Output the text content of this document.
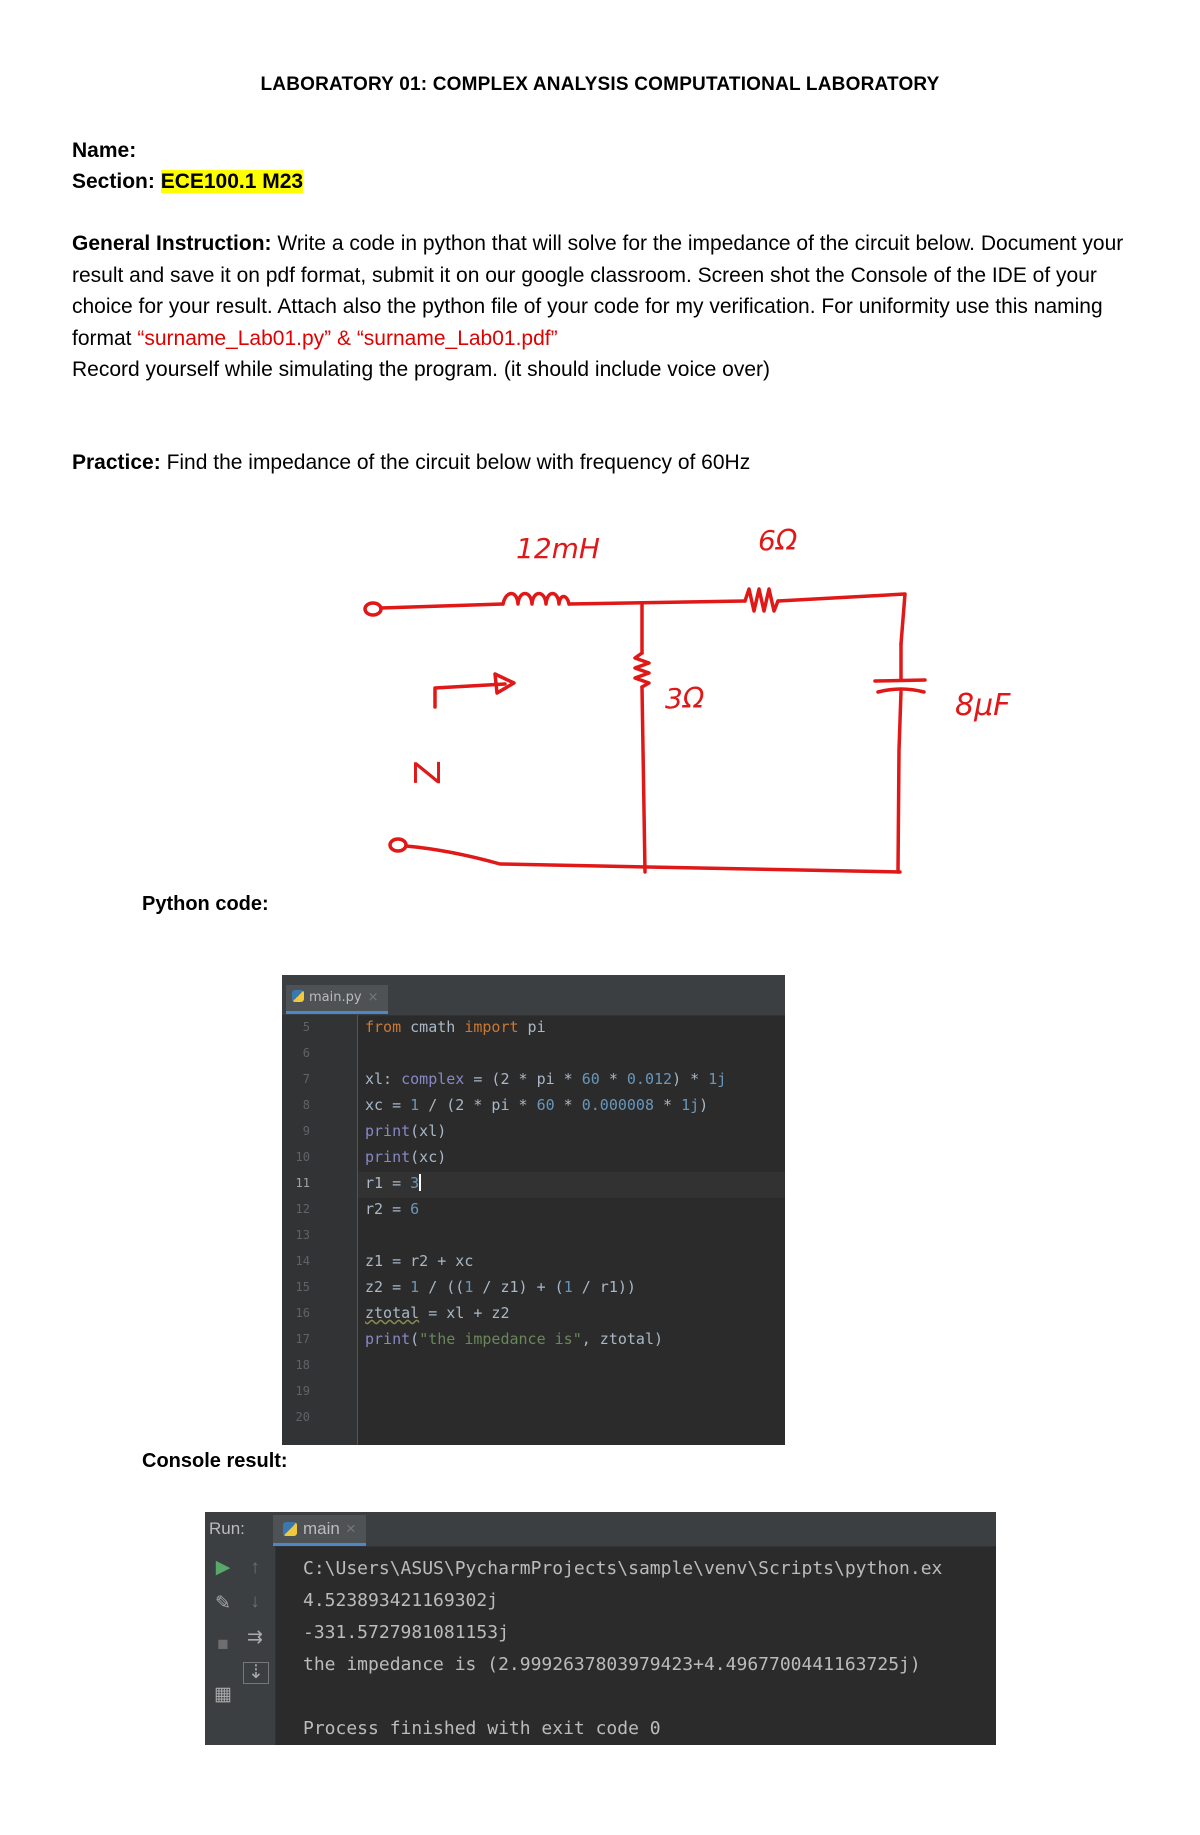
LABORATORY 01: COMPLEX ANALYSIS COMPUTATIONAL LABORATORY
Name:
Section: ECE100.1 M23
General Instruction: Write a code in python that will solve for the impedance of the circuit below. Document your result and save it on pdf format, submit it on our google classroom. Screen shot the Console of the IDE of your choice for your result. Attach also the python file of your code for my verification. For uniformity use this naming format “surname_Lab01.py” & “surname_Lab01.pdf”
Record yourself while simulating the program. (it should include voice over)
Practice: Find the impedance of the circuit below with frequency of 60Hz
Z
12mH	6Ω
3Ω	8μF
Python code:
main.py ×
5
6
7
8
9
10
11
12
13
14
15
16
17
18
19
20
from cmath import pi
xl: complex = (2 * pi * 60 * 0.012) * 1j
xc = 1 / (2 * pi * 60 * 0.000008 * 1j)
print(xl)
print(xc)
r1 = 3
r2 = 6
z1 = r2 + xc
z2 = 1 / ((1 / z1) + (1 / r1))
ztotal = xl + z2
print("the impedance is", ztotal)
Console result:
Run:	main ×
▶
✎
■
▦
↑
↓
⇉
⇣
C:\Users\ASUS\PycharmProjects\sample\venv\Scripts\python.ex
4.523893421169302j
-331.5727981081153j
the impedance is (2.9992637803979423+4.4967700441163725j)
Process finished with exit code 0
